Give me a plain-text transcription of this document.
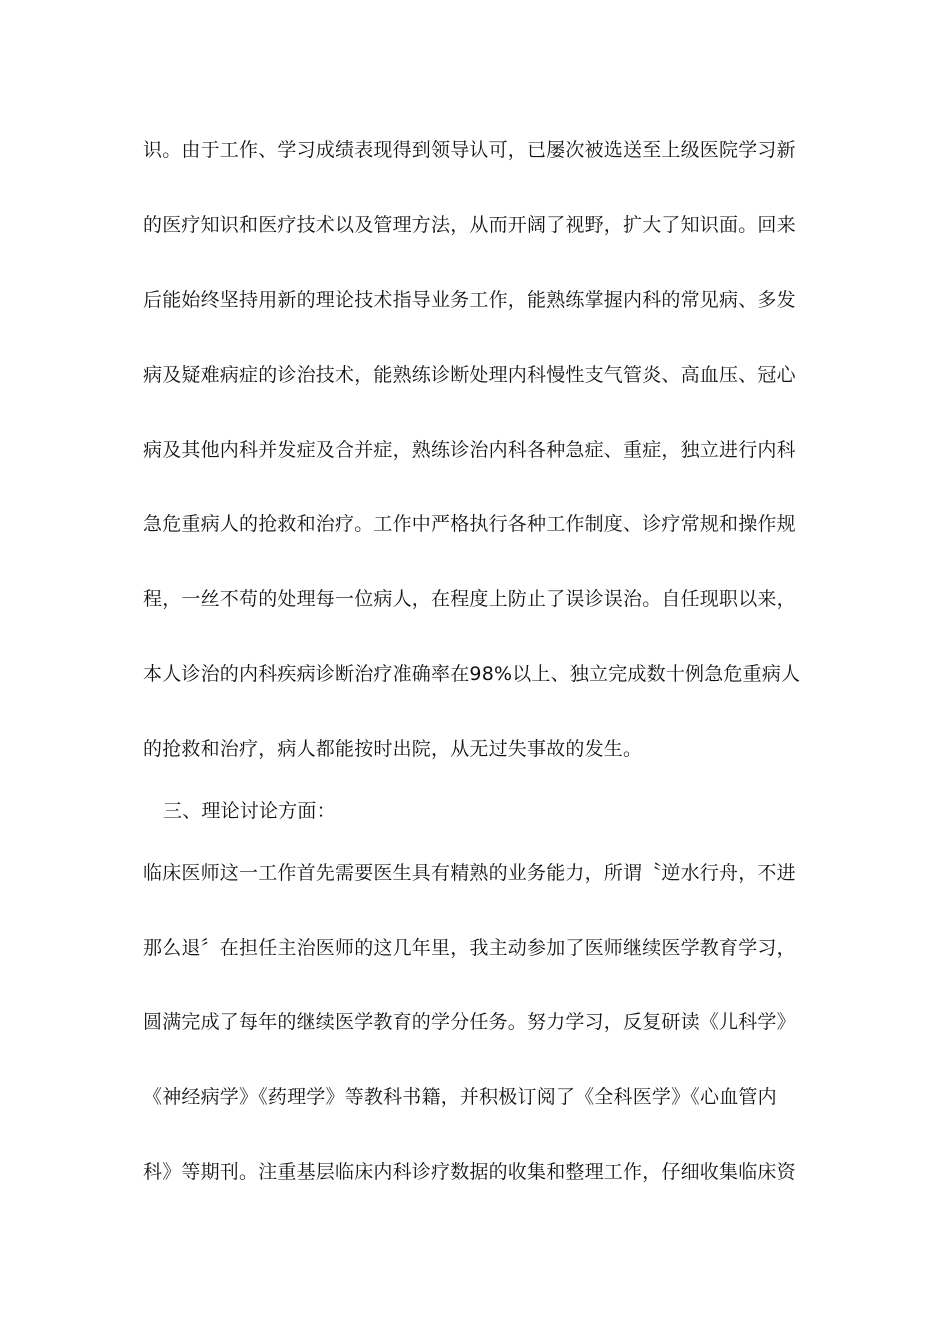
识。由于工作、学习成绩表现得到领导认可，已屡次被选送至上级医院学习新
的医疗知识和医疗技术以及管理方法，从而开阔了视野，扩大了知识面。回来
后能始终坚持用新的理论技术指导业务工作，能熟练掌握内科的常见病、多发
病及疑难病症的诊治技术，能熟练诊断处理内科慢性支气管炎、高血压、冠心
病及其他内科并发症及合并症，熟练诊治内科各种急症、重症，独立进行内科
急危重病人的抢救和治疗。工作中严格执行各种工作制度、诊疗常规和操作规
程，一丝不苟的处理每一位病人，在程度上防止了误诊误治。自任现职以来，
本人诊治的内科疾病诊断治疗准确率在98%以上、独立完成数十例急危重病人
的抢救和治疗，病人都能按时出院，从无过失事故的发生。
三、理论讨论方面：
临床医师这一工作首先需要医生具有精熟的业务能力，所谓〝逆水行舟，不进
那么退〞在担任主治医师的这几年里，我主动参加了医师继续医学教育学习，
圆满完成了每年的继续医学教育的学分任务。努力学习，反复研读《儿科学》
《神经病学》《药理学》等教科书籍，并积极订阅了《全科医学》《心血管内
科》等期刊。注重基层临床内科诊疗数据的收集和整理工作，仔细收集临床资
